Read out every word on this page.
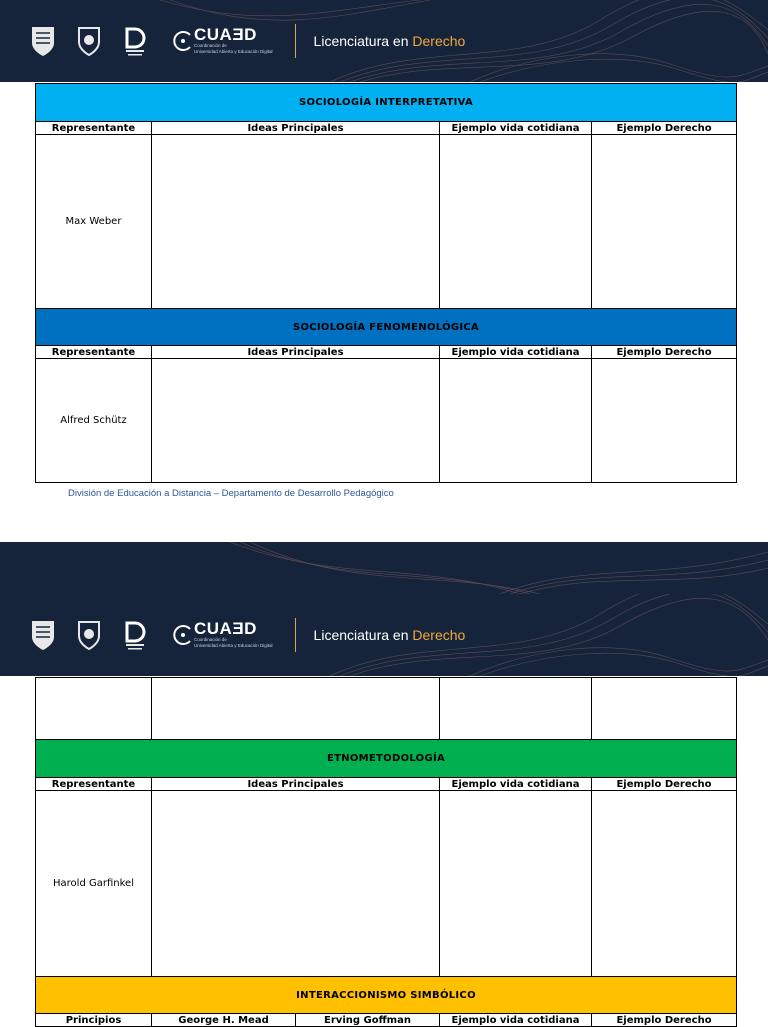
CUAƎD
Coordinación de
Universidad Abierta y Educación Digital
Licenciatura en Derecho
SOCIOLOGÍA INTERPRETATIVA			
Representante	Ideas Principales	Ejemplo vida cotidiana	Ejemplo Derecho
Max Weber			
SOCIOLOGÍA FENOMENOLÓGICA			
Representante	Ideas Principales	Ejemplo vida cotidiana	Ejemplo Derecho
Alfred Schütz			
División de Educación a Distancia – Departamento de Desarrollo Pedagógico
CUAƎD
Coordinación de
Universidad Abierta y Educación Digital
Licenciatura en Derecho

ETNOMETODOLOGÍA			
Representante	Ideas Principales	Ejemplo vida cotidiana	Ejemplo Derecho
Harold Garfinkel			
INTERACCIONISMO SIMBÓLICO
Principios	George H. Mead	Erving Goffman	Ejemplo vida cotidiana	Ejemplo Derecho
